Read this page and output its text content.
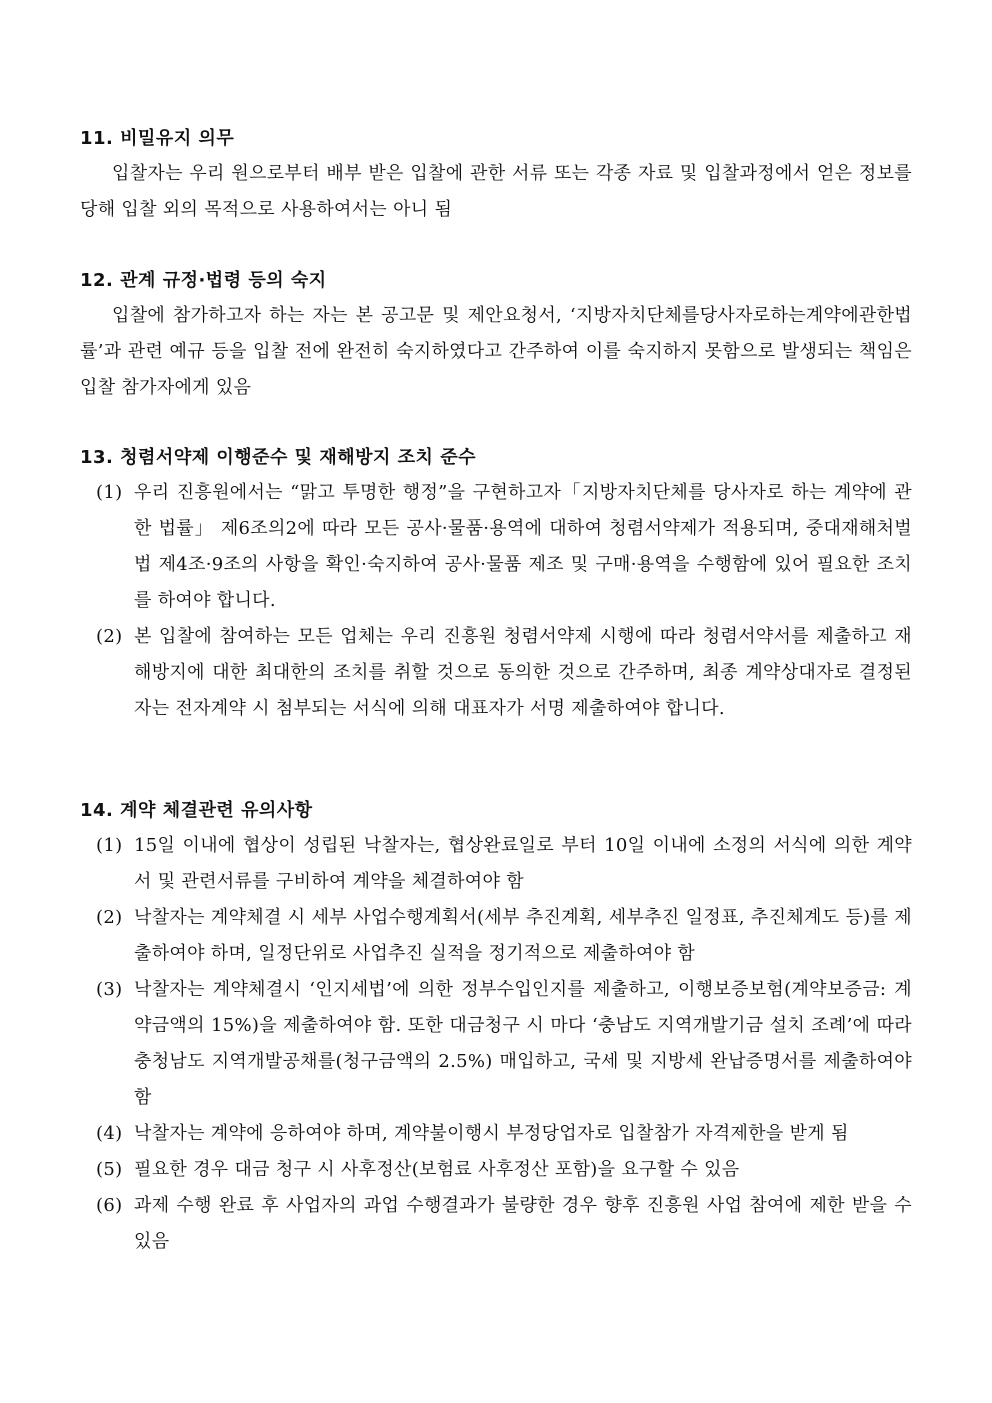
11. 비밀유지 의무

입찰자는 우리 원으로부터 배부 받은 입찰에 관한 서류 또는 각종 자료 및 입찰과정에서 얻은 정보를 당해 입찰 외의 목적으로 사용하여서는 아니 됨

12. 관계 규정·법령 등의 숙지

입찰에 참가하고자 하는 자는 본 공고문 및 제안요청서, ‘지방자치단체를당사자로하는계약에관한법률’과 관련 예규 등을 입찰 전에 완전히 숙지하였다고 간주하여 이를 숙지하지 못함으로 발생되는 책임은 입찰 참가자에게 있음

13. 청렴서약제 이행준수 및 재해방지 조치 준수
(1) 우리 진흥원에서는 “맑고 투명한 행정”을 구현하고자「지방자치단체를 당사자로 하는 계약에 관한 법률」 제6조의2에 따라 모든 공사·물품·용역에 대하여 청렴서약제가 적용되며, 중대재해처벌법 제4조·9조의 사항을 확인·숙지하여 공사·물품 제조 및 구매·용역을 수행함에 있어 필요한 조치를 하여야 합니다.
(2) 본 입찰에 참여하는 모든 업체는 우리 진흥원 청렴서약제 시행에 따라 청렴서약서를 제출하고 재해방지에 대한 최대한의 조치를 취할 것으로 동의한 것으로 간주하며, 최종 계약상대자로 결정된 자는 전자계약 시 첨부되는 서식에 의해 대표자가 서명 제출하여야 합니다.
14. 계약 체결관련 유의사항
(1) 15일 이내에 협상이 성립된 낙찰자는, 협상완료일로 부터 10일 이내에 소정의 서식에 의한 계약서 및 관련서류를 구비하여 계약을 체결하여야 함
(2) 낙찰자는 계약체결 시 세부 사업수행계획서(세부 추진계획, 세부추진 일정표, 추진체계도 등)를 제출하여야 하며, 일정단위로 사업추진 실적을 정기적으로 제출하여야 함
(3) 낙찰자는 계약체결시 ‘인지세법’에 의한 정부수입인지를 제출하고, 이행보증보험(계약보증금: 계약금액의 15%)을 제출하여야 함. 또한 대금청구 시 마다 ‘충남도 지역개발기금 설치 조례’에 따라 충청남도 지역개발공채를(청구금액의 2.5%) 매입하고, 국세 및 지방세 완납증명서를 제출하여야 함
(4) 낙찰자는 계약에 응하여야 하며, 계약불이행시 부정당업자로 입찰참가 자격제한을 받게 됨
(5) 필요한 경우 대금 청구 시 사후정산(보험료 사후정산 포함)을 요구할 수 있음
(6) 과제 수행 완료 후 사업자의 과업 수행결과가 불량한 경우 향후 진흥원 사업 참여에 제한 받을 수 있음
